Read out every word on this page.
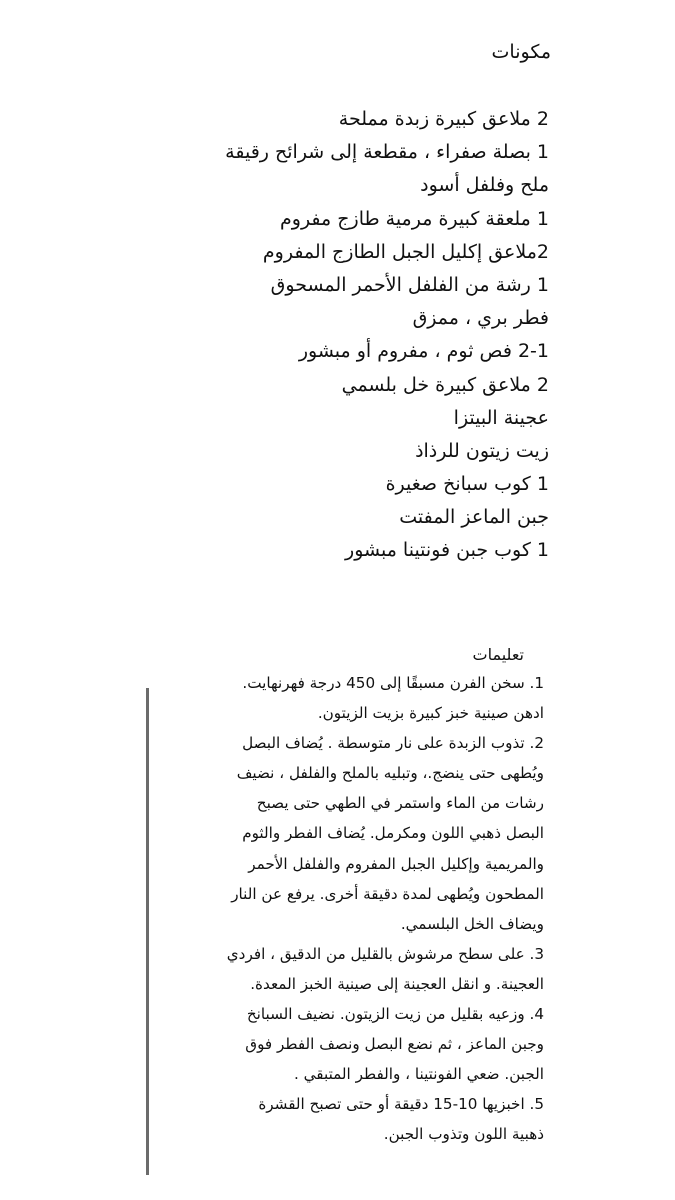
مكونات
2 ملاعق كبيرة زبدة مملحة
1 بصلة صفراء ، مقطعة إلى شرائح رقيقة
ملح وفلفل أسود
1 ملعقة كبيرة مرمية طازج مفروم
2ملاعق إكليل الجبل الطازج المفروم
1 رشة من الفلفل الأحمر المسحوق
فطر بري ، ممزق
2-1 فص ثوم ، مفروم أو مبشور
2 ملاعق كبيرة خل بلسمي
عجينة البيتزا
زيت زيتون للرذاذ
1 كوب سبانخ صغيرة
جبن الماعز المفتت
1 كوب جبن فونتينا مبشور
تعليمات
1. سخن الفرن مسبقًا إلى 450 درجة فهرنهايت.
ادهن صينية خبز كبيرة بزيت الزيتون.
2. تذوب الزبدة على نار متوسطة . يُضاف البصل
ويُطهى حتى ينضج.، وتبليه بالملح والفلفل ، نضيف
رشات من الماء واستمر في الطهي حتى يصبح
البصل ذهبي اللون ومكرمل. يُضاف الفطر والثوم
والمريمية وإكليل الجبل المفروم والفلفل الأحمر
المطحون ويُطهى لمدة دقيقة أخرى. يرفع عن النار
ويضاف الخل البلسمي.
3. على سطح مرشوش بالقليل من الدقيق ، افردي
العجينة. و انقل العجينة إلى صينية الخبز المعدة.
4. وزعيه بقليل من زيت الزيتون. نضيف السبانخ
وجبن الماعز ، ثم نضع البصل ونصف الفطر فوق
الجبن. ضعي الفونتينا ، والفطر المتبقي .
5. اخبزيها 10-15 دقيقة أو حتى تصبح القشرة
ذهبية اللون وتذوب الجبن.
